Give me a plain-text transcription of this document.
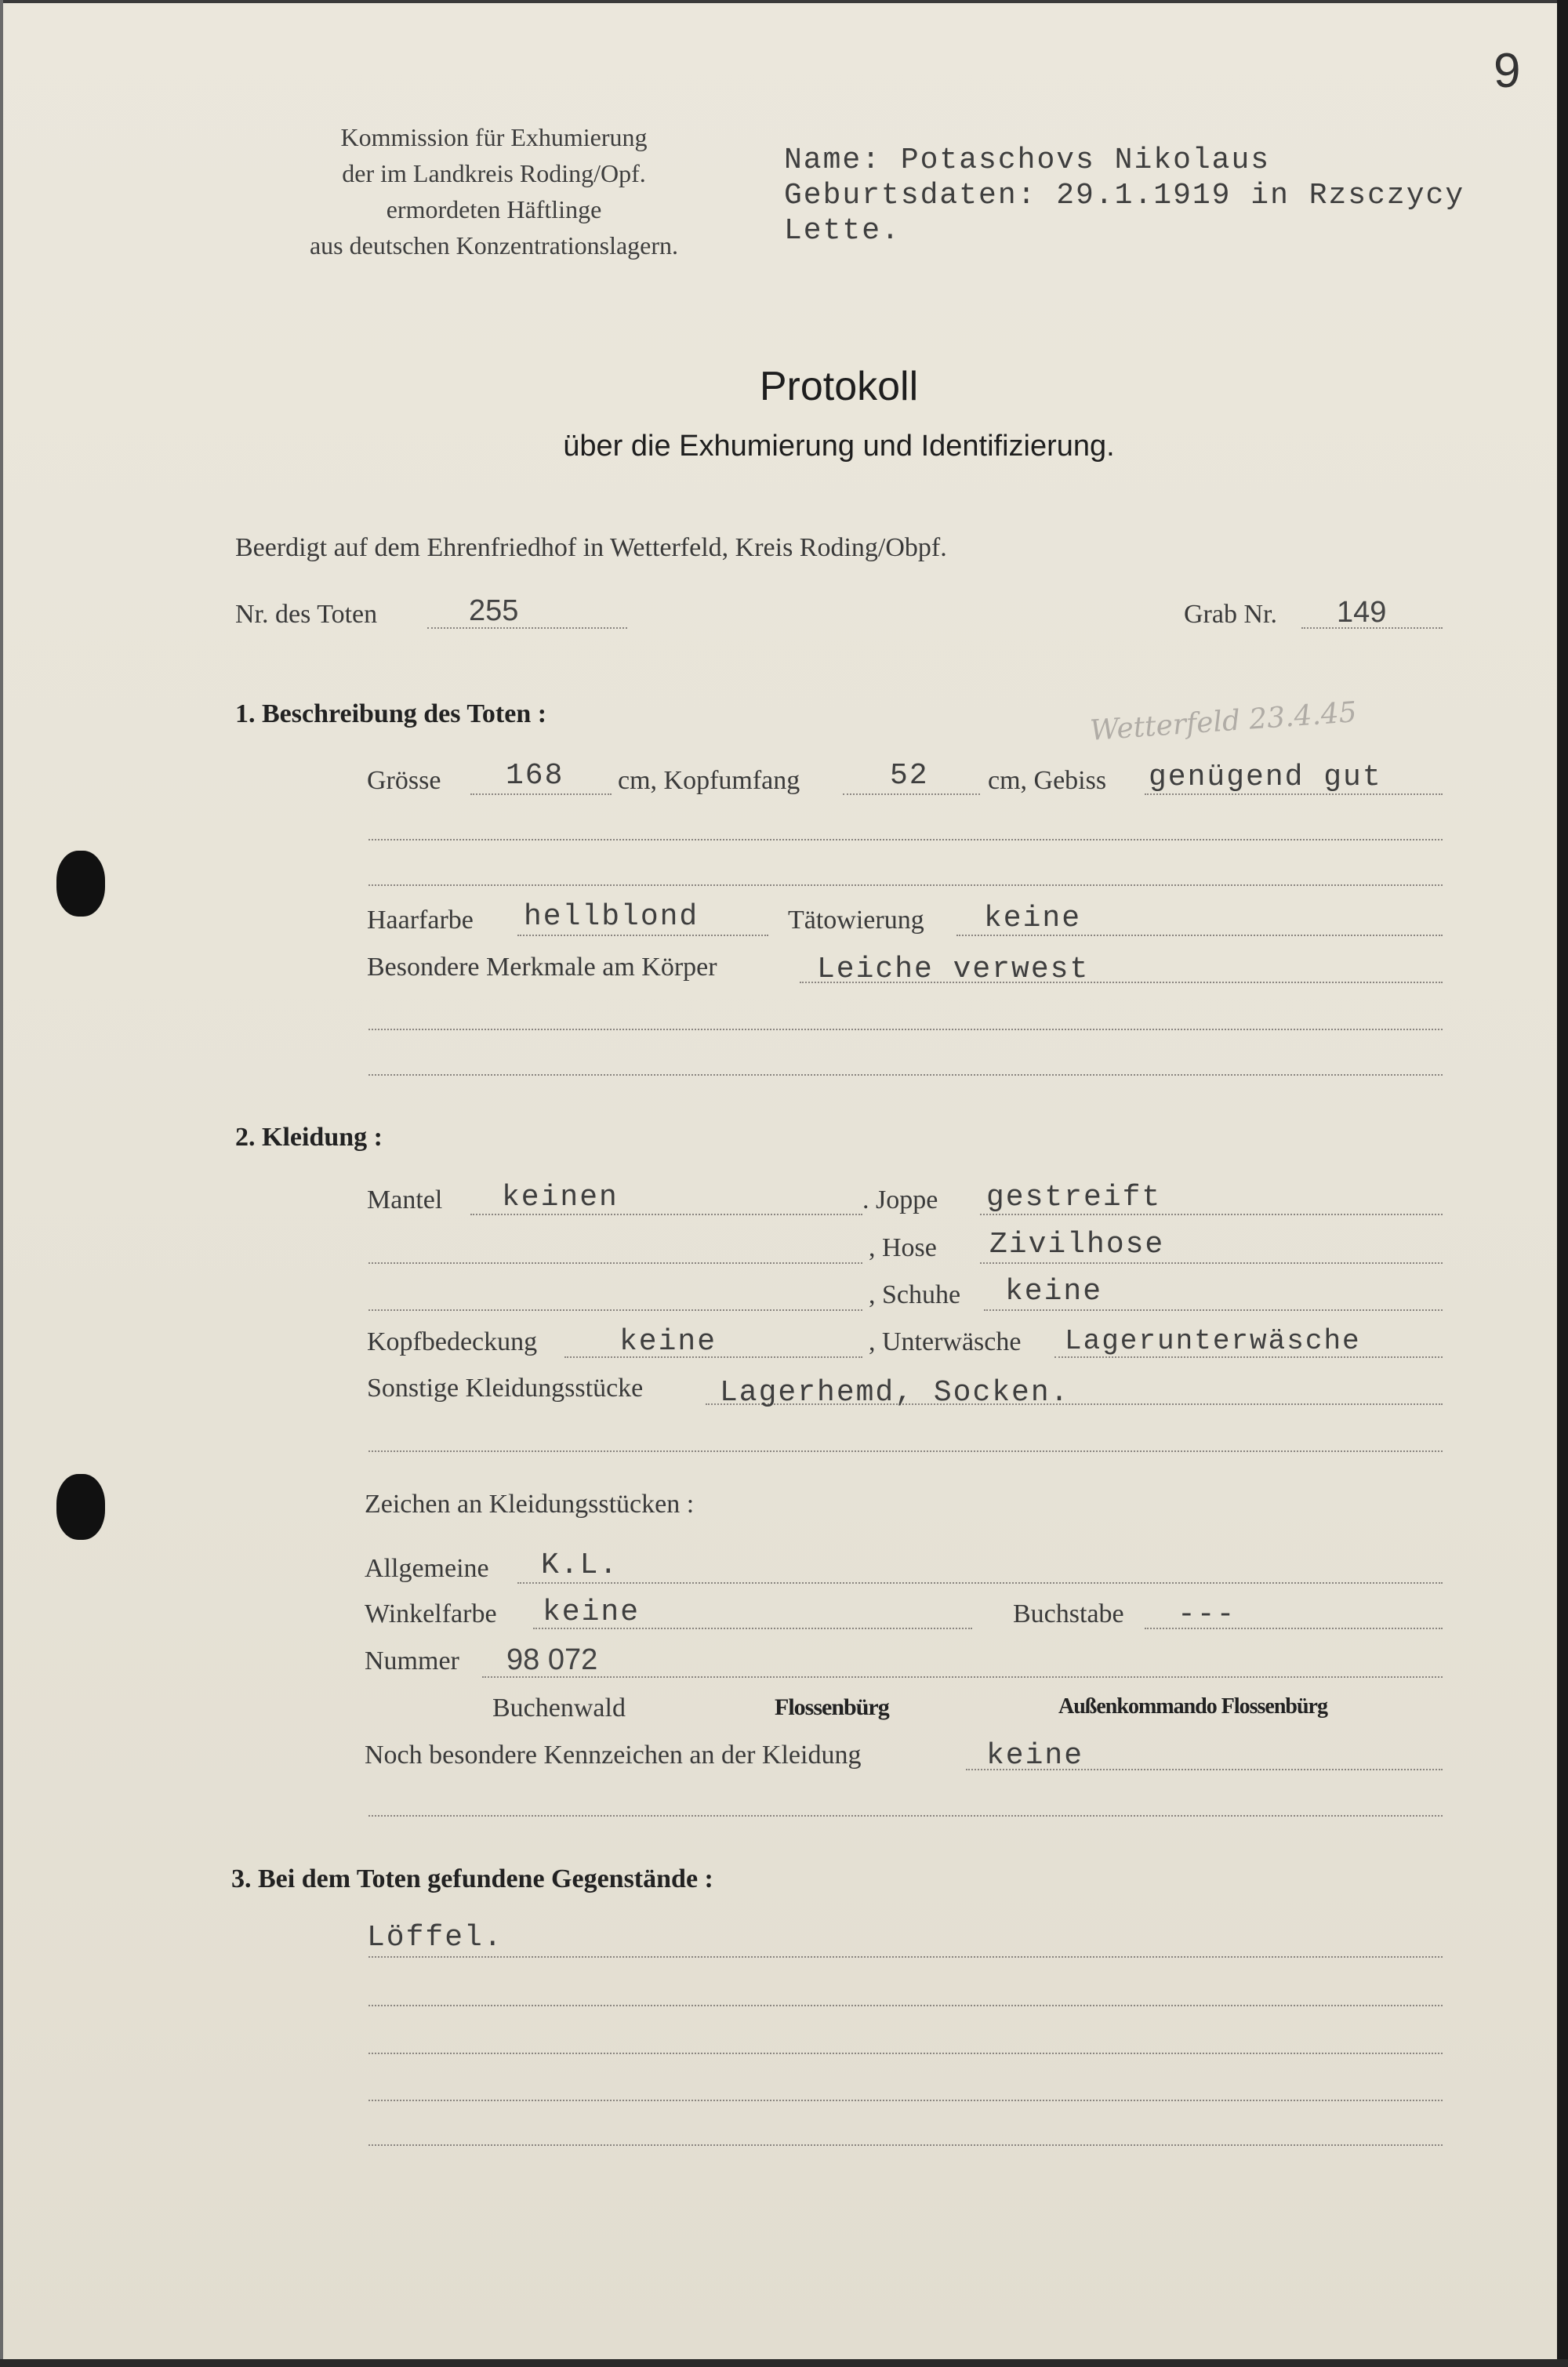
9
Kommission für Exhumierung
der im Landkreis Roding/Opf.
ermordeten Häftlinge
aus deutschen Konzentrationslagern.
Name: Potaschovs Nikolaus
Geburtsdaten: 29.1.1919 in Rzsczycy
Lette.
Protokoll
über die Exhumierung und Identifizierung.
Beerdigt auf dem Ehrenfriedhof in Wetterfeld, Kreis Roding/Obpf.
Nr. des Toten	255	Grab Nr. 149
1. Beschreibung des Toten :	Wetterfeld 23.4.45
Grösse 168 cm, Kopfumfang	52 cm, Gebiss genügend gut
Haarfarbe hellblond	Tätowierung keine
Besondere Merkmale am Körper	Leiche verwest
2. Kleidung :
Mantel keinen	. Joppe gestreift
, Hose Zivilhose
, Schuhe keine
Kopfbedeckung	keine	, Unterwäsche Lagerunterwäsche
Sonstige Kleidungsstücke	Lagerhemd, Socken.
Zeichen an Kleidungsstücken :
Allgemeine K.L.
Winkelfarbe keine	Buchstabe ---
Nummer 98 072
Buchenwald	Flossenbürg	Außenkommando Flossenbürg
Noch besondere Kennzeichen an der Kleidung	keine
3. Bei dem Toten gefundene Gegenstände :
Löffel.
